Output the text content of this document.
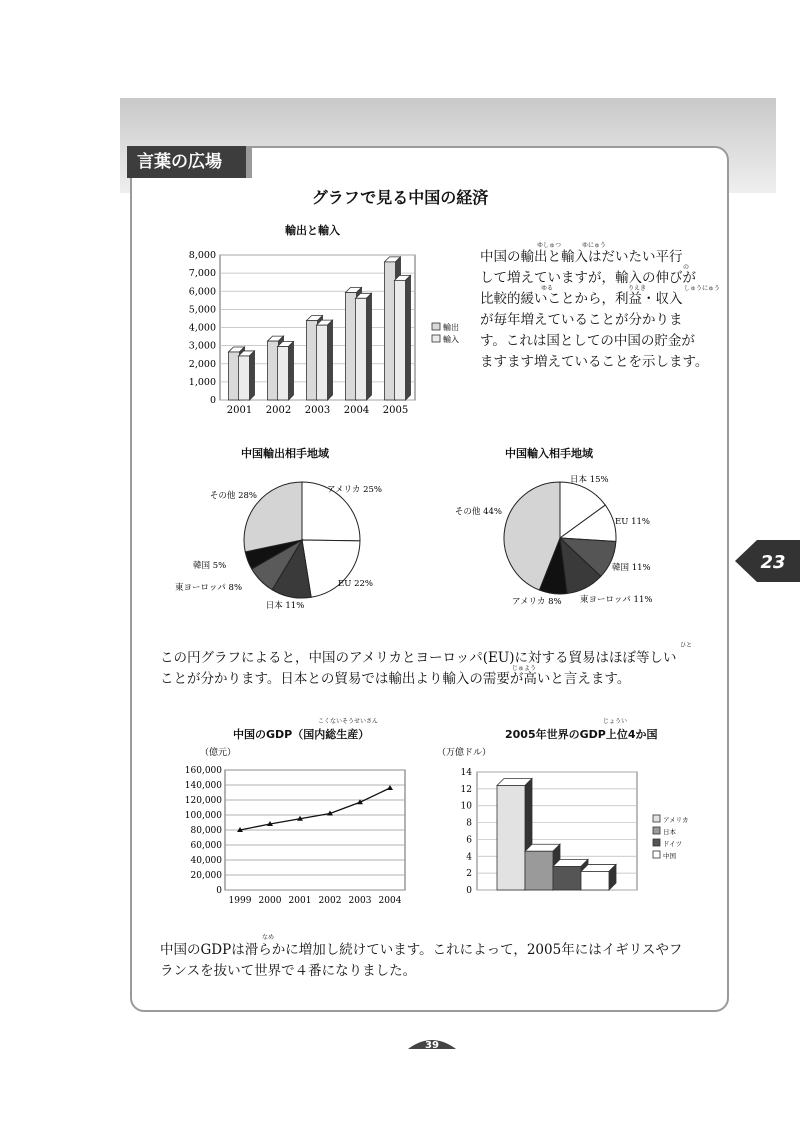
言葉の広場
グラフで見る中国の経済
輸出と輸入
8,000
7,000
6,000
5,000
4,000
3,000
2,000
1,000
0
2001 2002 2003 2004 2005
輸出
輸入
中国の輸出と輸入はだいたい平行
して増えていますが，輸入の伸びが
比較的緩いことから，利益・収入
が毎年増えていることが分かりま
す。これは国としての中国の貯金が
ますます増えていることを示します。
ゆしゅつ	ゆにゅう
の
ゆる	りえき	しゅうにゅう
中国輸出相手地域	中国輸入相手地域
アメリカ 25%
EU 22%
日本 11%
東ヨーロッパ 8%
韓国 5%
その他 28%
日本 15%
EU 11%
韓国 11%
東ヨーロッパ 11%
アメリカ 8%
その他 44%
この円グラフによると，中国のアメリカとヨーロッパ(EU)に対する貿易はほぼ等しい
ことが分かります。日本との貿易では輸出より輸入の需要が高いと言えます。
ひと
じゅよう
こくないそうせいさん	じょうい
中国のGDP（国内総生産）	2005年世界のGDP上位4か国
（億元）
160,000
140,000
120,000
100,000
80,000
60,000
40,000
20,000
0
1999 2000 2001 2002 2003 2004
（万億ドル）
14
12
10
8
6
4
2
0
アメリカ
日本
ドイツ
中国
中国のGDPは滑らかに増加し続けています。これによって，2005年にはイギリスやフ
ランスを抜いて世界で４番になりました。
なめ
23
39
